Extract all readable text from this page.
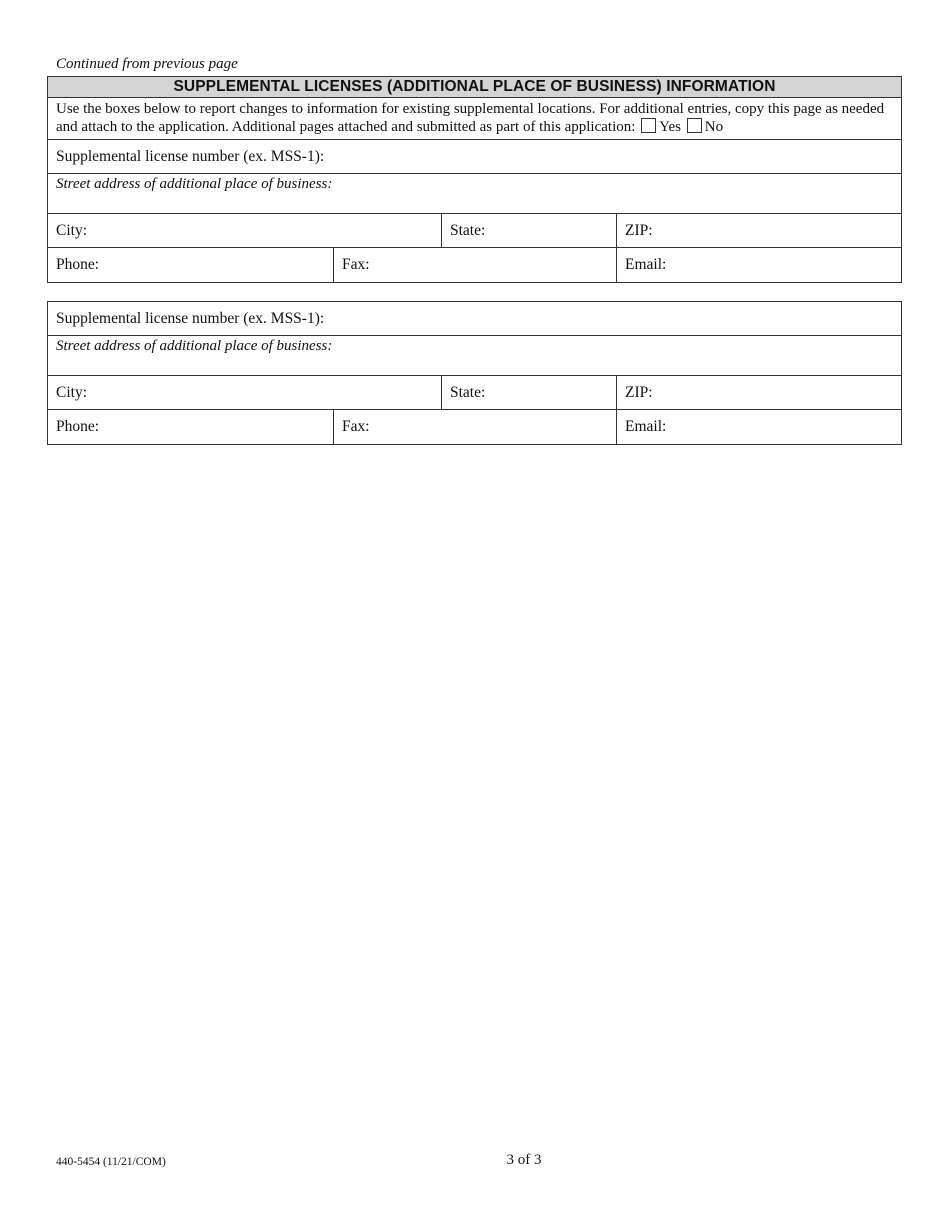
Continued from previous page
SUPPLEMENTAL LICENSES (ADDITIONAL PLACE OF BUSINESS) INFORMATION
Use the boxes below to report changes to information for existing supplemental locations. For additional entries, copy this page as needed and attach to the application. Additional pages attached and submitted as part of this application: Yes No
Supplemental license number (ex. MSS-1):
Street address of additional place of business:
City:	State:	ZIP:
Phone:	Fax:	Email:
Supplemental license number (ex. MSS-1):
Street address of additional place of business:
City:	State:	ZIP:
Phone:	Fax:	Email:
440-5454 (11/21/COM)	3 of 3
